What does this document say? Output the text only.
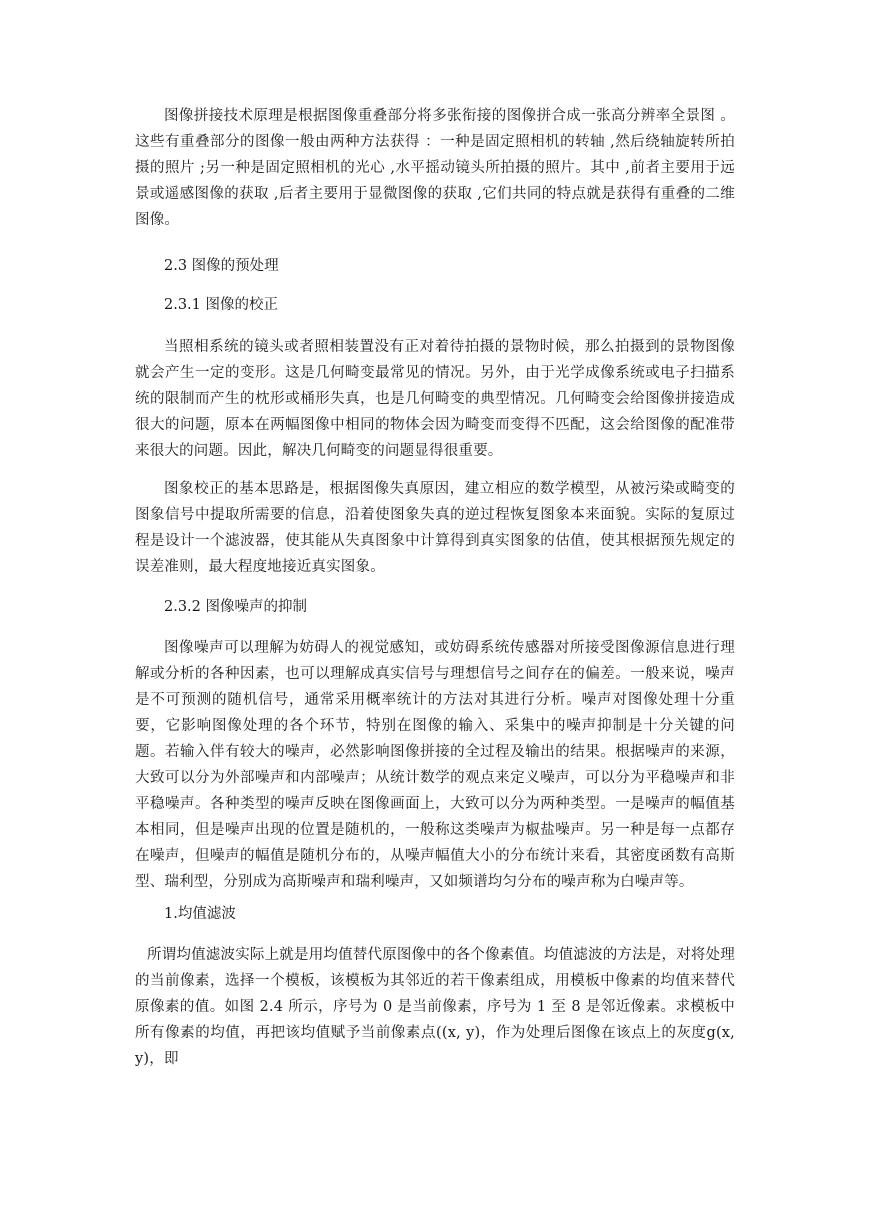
图像拼接技术原理是根据图像重叠部分将多张衔接的图像拼合成一张高分辨率全景图 。这些有重叠部分的图像一般由两种方法获得 ：一种是固定照相机的转轴 ,然后绕轴旋转所拍摄的照片 ;另一种是固定照相机的光心 ,水平摇动镜头所拍摄的照片。其中 ,前者主要用于远景或遥感图像的获取 ,后者主要用于显微图像的获取 ,它们共同的特点就是获得有重叠的二维图像。

2.3 图像的预处理
2.3.1 图像的校正

当照相系统的镜头或者照相装置没有正对着待拍摄的景物时候，那么拍摄到的景物图像就会产生一定的变形。这是几何畸变最常见的情况。另外，由于光学成像系统或电子扫描系统的限制而产生的枕形或桶形失真，也是几何畸变的典型情况。几何畸变会给图像拼接造成很大的问题，原本在两幅图像中相同的物体会因为畸变而变得不匹配，这会给图像的配准带来很大的问题。因此，解决几何畸变的问题显得很重要。

图象校正的基本思路是，根据图像失真原因，建立相应的数学模型，从被污染或畸变的图象信号中提取所需要的信息，沿着使图象失真的逆过程恢复图象本来面貌。实际的复原过程是设计一个滤波器，使其能从失真图象中计算得到真实图象的估值，使其根据预先规定的误差准则，最大程度地接近真实图象。

2.3.2 图像噪声的抑制

图像噪声可以理解为妨碍人的视觉感知，或妨碍系统传感器对所接受图像源信息进行理解或分析的各种因素，也可以理解成真实信号与理想信号之间存在的偏差。一般来说，噪声是不可预测的随机信号，通常采用概率统计的方法对其进行分析。噪声对图像处理十分重要，它影响图像处理的各个环节，特别在图像的输入、采集中的噪声抑制是十分关键的问题。若输入伴有较大的噪声，必然影响图像拼接的全过程及输出的结果。根据噪声的来源，大致可以分为外部噪声和内部噪声；从统计数学的观点来定义噪声，可以分为平稳噪声和非平稳噪声。各种类型的噪声反映在图像画面上，大致可以分为两种类型。一是噪声的幅值基本相同，但是噪声出现的位置是随机的，一般称这类噪声为椒盐噪声。另一种是每一点都存在噪声，但噪声的幅值是随机分布的，从噪声幅值大小的分布统计来看，其密度函数有高斯型、瑞利型，分别成为高斯噪声和瑞利噪声，又如频谱均匀分布的噪声称为白噪声等。

1.均值滤波

所谓均值滤波实际上就是用均值替代原图像中的各个像素值。均值滤波的方法是，对将处理的当前像素，选择一个模板，该模板为其邻近的若干像素组成，用模板中像素的均值来替代原像素的值。如图 2.4 所示，序号为 0 是当前像素，序号为 1 至 8 是邻近像素。求模板中所有像素的均值，再把该均值赋予当前像素点((x, y)，作为处理后图像在该点上的灰度g(x,y)，即
